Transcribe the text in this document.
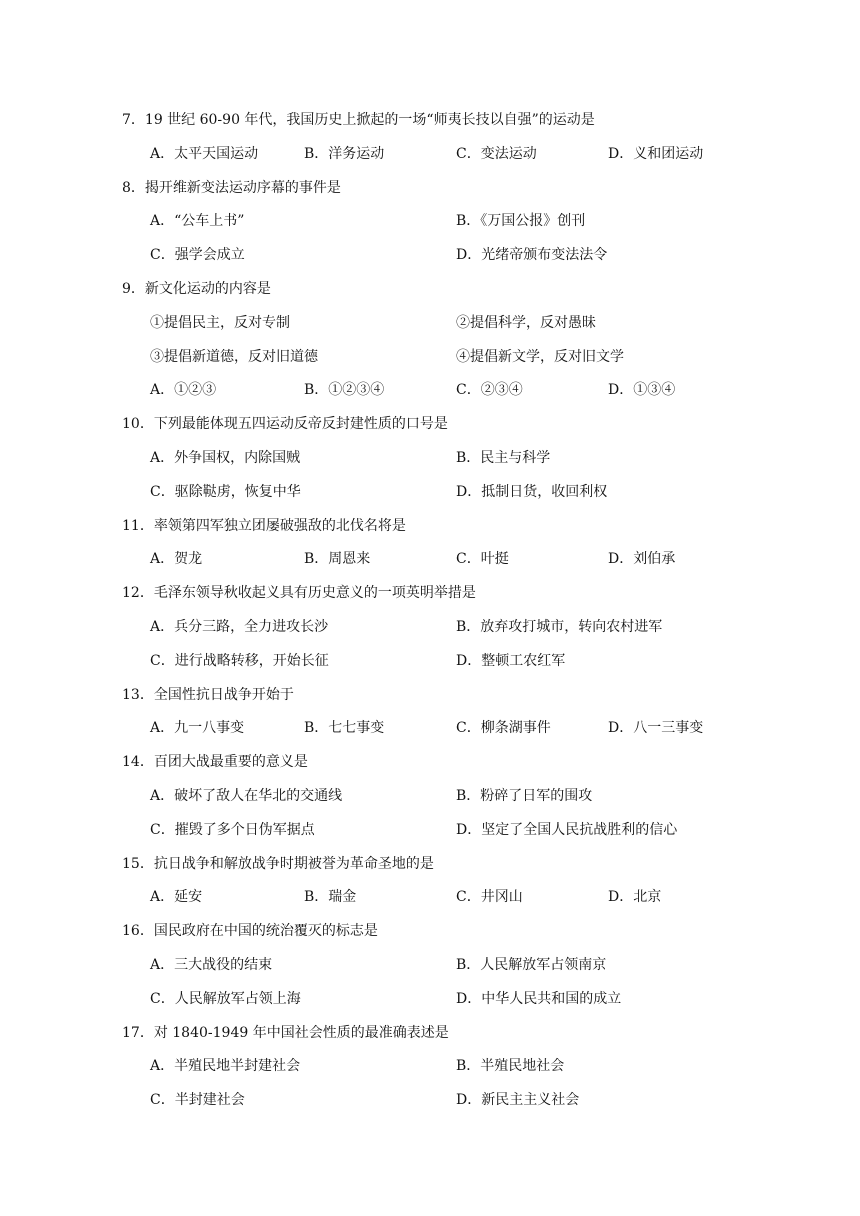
7．19 世纪 60-90 年代，我国历史上掀起的一场“师夷长技以自强”的运动是
A．太平天国运动	B．洋务运动	C．变法运动	D．义和团运动
8．揭开维新变法运动序幕的事件是
A．“公车上书”	B．《万国公报》创刊
C．强学会成立	D．光绪帝颁布变法法令
9．新文化运动的内容是
①提倡民主，反对专制	②提倡科学，反对愚昧
③提倡新道德，反对旧道德	④提倡新文学，反对旧文学
A．①②③	B．①②③④	C．②③④	D．①③④
10．下列最能体现五四运动反帝反封建性质的口号是
A．外争国权，内除国贼	B．民主与科学
C．驱除鞑虏，恢复中华	D．抵制日货，收回利权
11．率领第四军独立团屡破强敌的北伐名将是
A．贺龙	B．周恩来	C．叶挺	D．刘伯承
12．毛泽东领导秋收起义具有历史意义的一项英明举措是
A．兵分三路，全力进攻长沙	B．放弃攻打城市，转向农村进军
C．进行战略转移，开始长征	D．整顿工农红军
13．全国性抗日战争开始于
A．九一八事变	B．七七事变	C．柳条湖事件	D．八一三事变
14．百团大战最重要的意义是
A．破坏了敌人在华北的交通线	B．粉碎了日军的围攻
C．摧毁了多个日伪军据点	D．坚定了全国人民抗战胜利的信心
15．抗日战争和解放战争时期被誉为革命圣地的是
A．延安	B．瑞金	C．井冈山	D．北京
16．国民政府在中国的统治覆灭的标志是
A．三大战役的结束	B．人民解放军占领南京
C．人民解放军占领上海	D．中华人民共和国的成立
17．对 1840-1949 年中国社会性质的最准确表述是
A．半殖民地半封建社会	B．半殖民地社会
C．半封建社会	D．新民主主义社会
